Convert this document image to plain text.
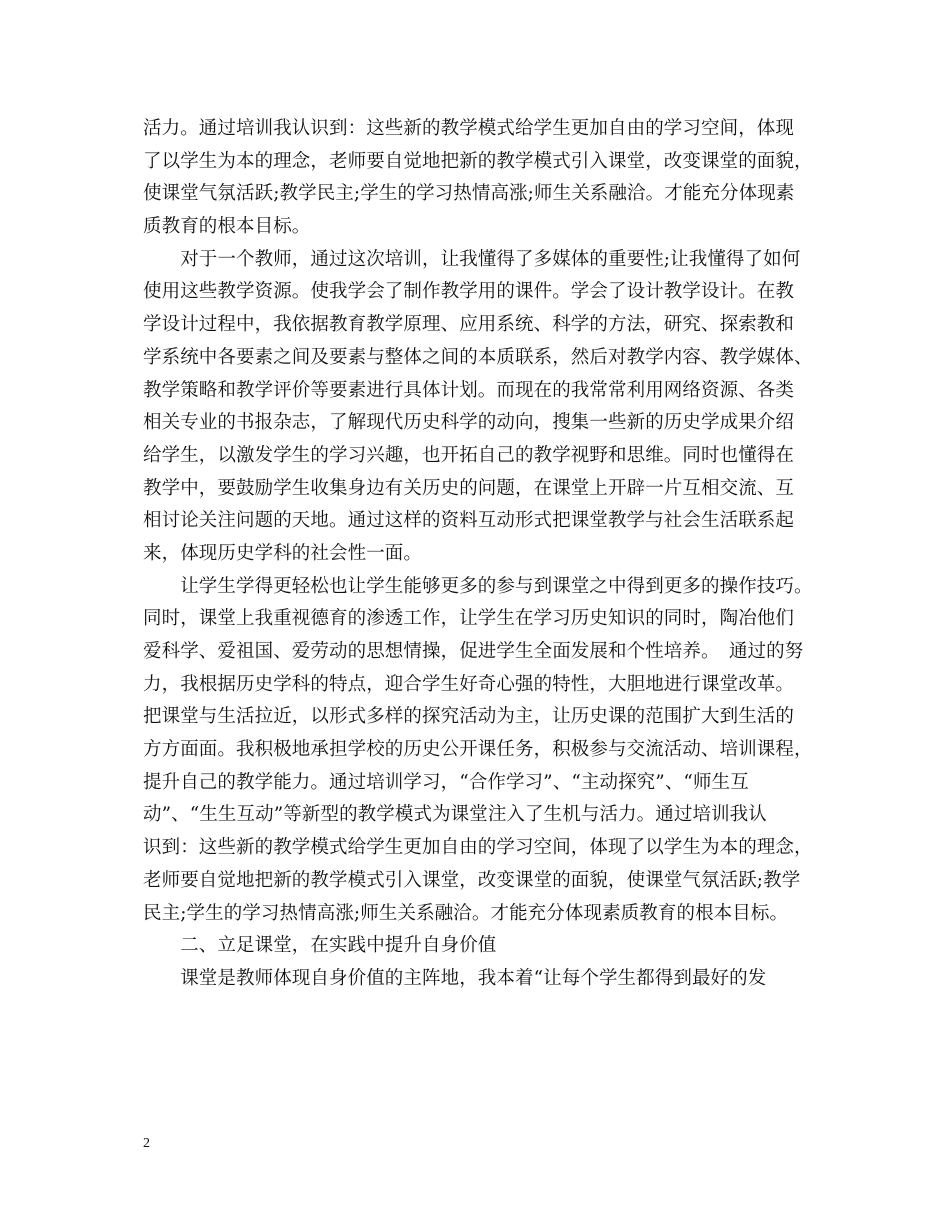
活力。通过培训我认识到：这些新的教学模式给学生更加自由的学习空间，体现
了以学生为本的理念，老师要自觉地把新的教学模式引入课堂，改变课堂的面貌，
使课堂气氛活跃;教学民主;学生的学习热情高涨;师生关系融洽。才能充分体现素
质教育的根本目标。
　　对于一个教师，通过这次培训，让我懂得了多媒体的重要性;让我懂得了如何
使用这些教学资源。使我学会了制作教学用的课件。学会了设计教学设计。在教
学设计过程中，我依据教育教学原理、应用系统、科学的方法，研究、探索教和
学系统中各要素之间及要素与整体之间的本质联系，然后对教学内容、教学媒体、
教学策略和教学评价等要素进行具体计划。而现在的我常常利用网络资源、各类
相关专业的书报杂志，了解现代历史科学的动向，搜集一些新的历史学成果介绍
给学生，以激发学生的学习兴趣，也开拓自己的教学视野和思维。同时也懂得在
教学中，要鼓励学生收集身边有关历史的问题，在课堂上开辟一片互相交流、互
相讨论关注问题的天地。通过这样的资料互动形式把课堂教学与社会生活联系起
来，体现历史学科的社会性一面。
　　让学生学得更轻松也让学生能够更多的参与到课堂之中得到更多的操作技巧。
同时，课堂上我重视德育的渗透工作，让学生在学习历史知识的同时，陶冶他们
爱科学、爱祖国、爱劳动的思想情操，促进学生全面发展和个性培养。　通过的努
力，我根据历史学科的特点，迎合学生好奇心强的特性，大胆地进行课堂改革。
把课堂与生活拉近，以形式多样的探究活动为主，让历史课的范围扩大到生活的
方方面面。我积极地承担学校的历史公开课任务，积极参与交流活动、培训课程，
提升自己的教学能力。通过培训学习，“合作学习”、“主动探究”、“师生互
动”、“生生互动”等新型的教学模式为课堂注入了生机与活力。通过培训我认
识到：这些新的教学模式给学生更加自由的学习空间，体现了以学生为本的理念，
老师要自觉地把新的教学模式引入课堂，改变课堂的面貌，使课堂气氛活跃;教学
民主;学生的学习热情高涨;师生关系融洽。才能充分体现素质教育的根本目标。
　　二、立足课堂，在实践中提升自身价值
　　课堂是教师体现自身价值的主阵地，我本着“让每个学生都得到最好的发
2
